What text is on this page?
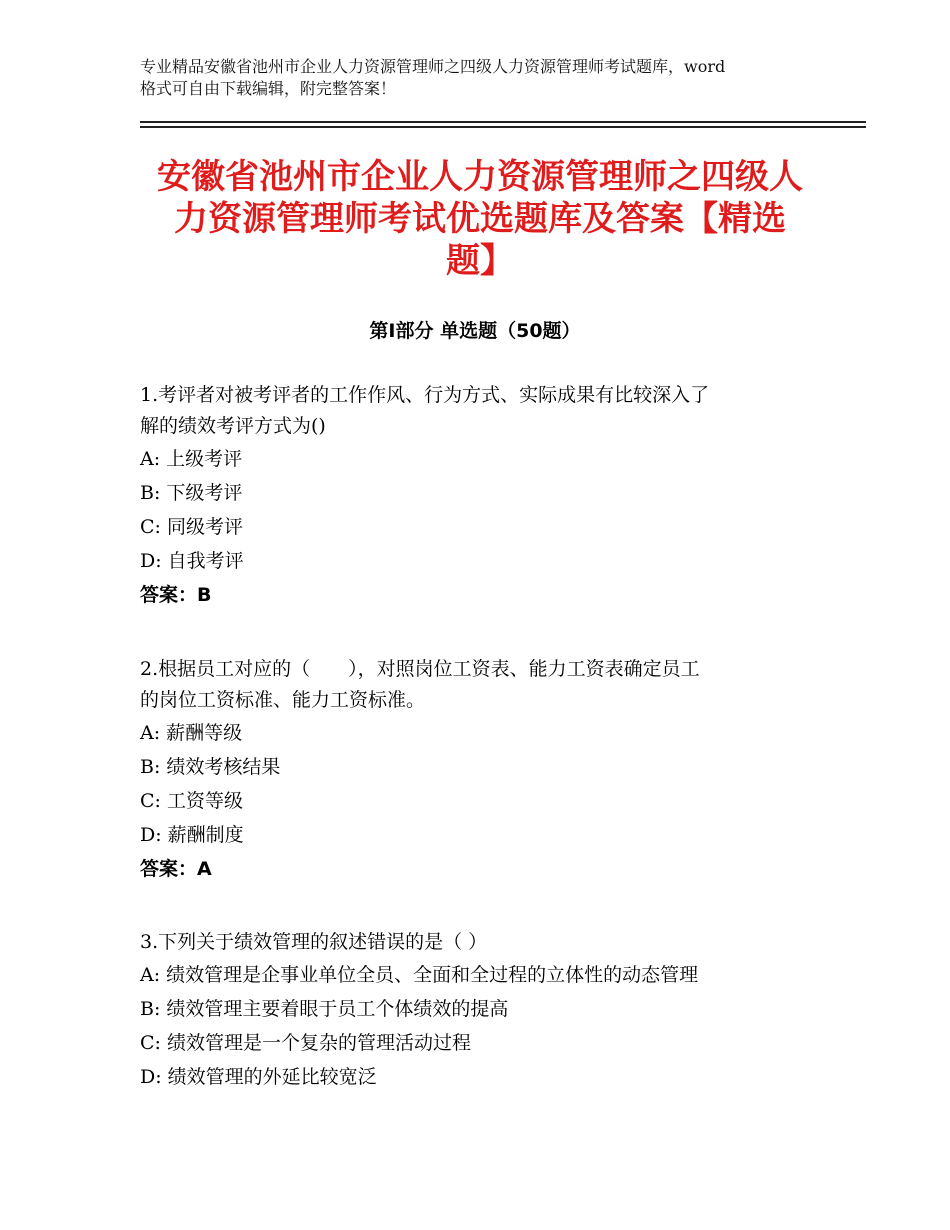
专业精品安徽省池州市企业人力资源管理师之四级人力资源管理师考试题库，word
格式可自由下载编辑，附完整答案！
安徽省池州市企业人力资源管理师之四级人
力资源管理师考试优选题库及答案【精选
题】
第Ⅰ部分 单选题（50题）

1.考评者对被考评者的工作作风、行为方式、实际成果有比较深入了

解的绩效考评方式为()

A: 上级考评

B: 下级考评

C: 同级考评

D: 自我考评

答案：B

2.根据员工对应的（　　），对照岗位工资表、能力工资表确定员工

的岗位工资标准、能力工资标准。

A: 薪酬等级

B: 绩效考核结果

C: 工资等级

D: 薪酬制度

答案：A

3.下列关于绩效管理的叙述错误的是（ ）

A: 绩效管理是企事业单位全员、全面和全过程的立体性的动态管理

B: 绩效管理主要着眼于员工个体绩效的提高

C: 绩效管理是一个复杂的管理活动过程

D: 绩效管理的外延比较宽泛
